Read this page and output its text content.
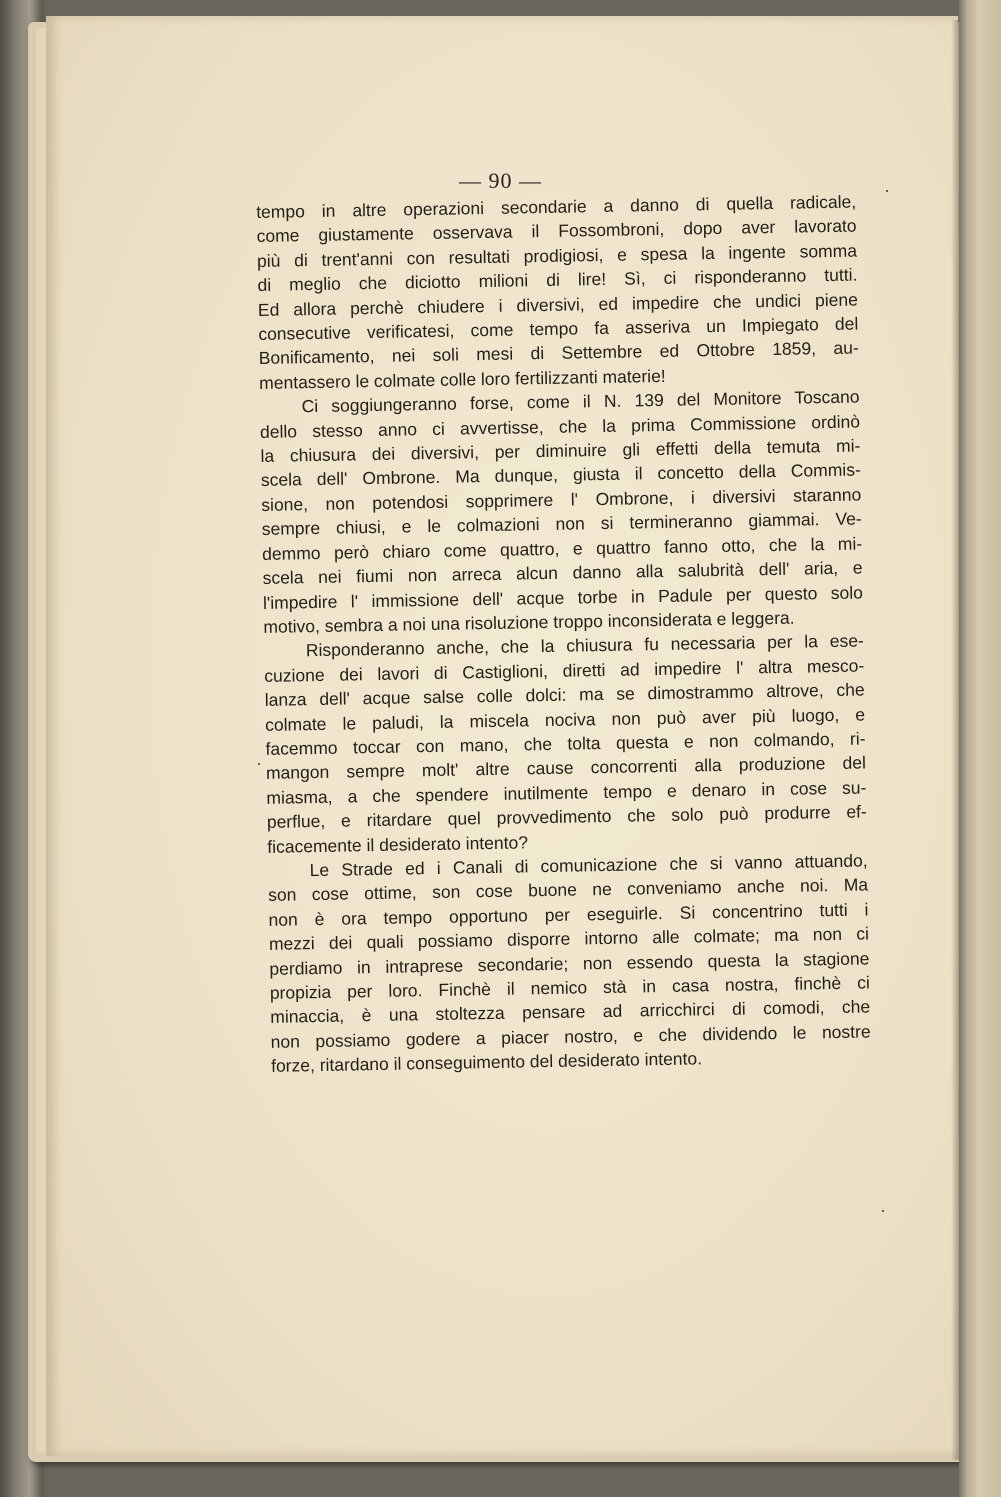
— 90 —
tempo in altre operazioni secondarie a danno di quella radicale,
come giustamente osservava il Fossombroni, dopo aver lavorato
più di trent'anni con resultati prodigiosi, e spesa la ingente somma
di meglio che diciotto milioni di lire! Sì, ci risponderanno tutti.
Ed allora perchè chiudere i diversivi, ed impedire che undici piene
consecutive verificatesi, come tempo fa asseriva un Impiegato del
Bonificamento, nei soli mesi di Settembre ed Ottobre 1859, au-
mentassero le colmate colle loro fertilizzanti materie!
Ci soggiungeranno forse, come il N. 139 del Monitore Toscano
dello stesso anno ci avvertisse, che la prima Commissione ordinò
la chiusura dei diversivi, per diminuire gli effetti della temuta mi-
scela dell' Ombrone. Ma dunque, giusta il concetto della Commis-
sione, non potendosi sopprimere l' Ombrone, i diversivi staranno
sempre chiusi, e le colmazioni non si termineranno giammai. Ve-
demmo però chiaro come quattro, e quattro fanno otto, che la mi-
scela nei fiumi non arreca alcun danno alla salubrità dell' aria, e
l'impedire l' immissione dell' acque torbe in Padule per questo solo
motivo, sembra a noi una risoluzione troppo inconsiderata e leggera.
Risponderanno anche, che la chiusura fu necessaria per la ese-
cuzione dei lavori di Castiglioni, diretti ad impedire l' altra mesco-
lanza dell' acque salse colle dolci: ma se dimostrammo altrove, che
colmate le paludi, la miscela nociva non può aver più luogo, e
facemmo toccar con mano, che tolta questa e non colmando, ri-
mangon sempre molt' altre cause concorrenti alla produzione del
miasma, a che spendere inutilmente tempo e denaro in cose su-
perflue, e ritardare quel provvedimento che solo può produrre ef-
ficacemente il desiderato intento?
Le Strade ed i Canali di comunicazione che si vanno attuando,
son cose ottime, son cose buone ne conveniamo anche noi. Ma
non è ora tempo opportuno per eseguirle. Si concentrino tutti i
mezzi dei quali possiamo disporre intorno alle colmate; ma non ci
perdiamo in intraprese secondarie; non essendo questa la stagione
propizia per loro. Finchè il nemico stà in casa nostra, finchè ci
minaccia, è una stoltezza pensare ad arricchirci di comodi, che
non possiamo godere a piacer nostro, e che dividendo le nostre
forze, ritardano il conseguimento del desiderato intento.
